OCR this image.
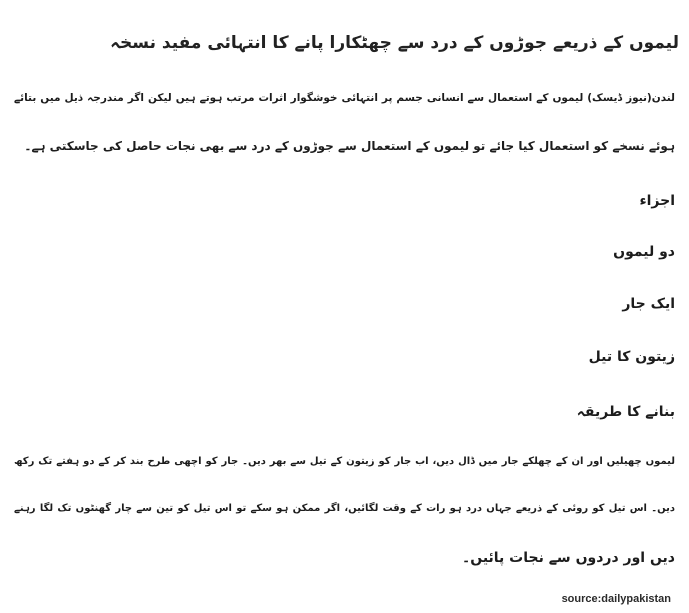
لیموں کے ذریعے جوڑوں کے درد سے چھٹکارا پانے کا انتہائی مفید نسخہ
لندن(نیوز ڈیسک) لیموں کے استعمال سے انسانی جسم پر انتہائی خوشگوار اثرات مرتب ہوتے ہیں لیکن اگر مندرجہ ذیل میں بتائے
ہوئے نسخے کو استعمال کیا جائے تو لیموں کے استعمال سے جوڑوں کے درد سے بھی نجات حاصل کی جاسکتی ہے۔
اجزاء
دو لیموں
ایک جار
زیتون کا تیل
بنانے کا طریقہ
لیموں چھیلیں اور ان کے چھلکے جار میں ڈال دیں، اب جار کو زیتون کے تیل سے بھر دیں۔ جار کو اچھی طرح بند کر کے دو ہفتے تک رکھ
دیں۔ اس تیل کو روئی کے ذریعے جہاں درد ہو رات کے وقت لگائیں، اگر ممکن ہو سکے تو اس تیل کو تین سے چار گھنٹوں تک لگا رہنے
دیں اور دردوں سے نجات پائیں۔
source:dailypakistan
